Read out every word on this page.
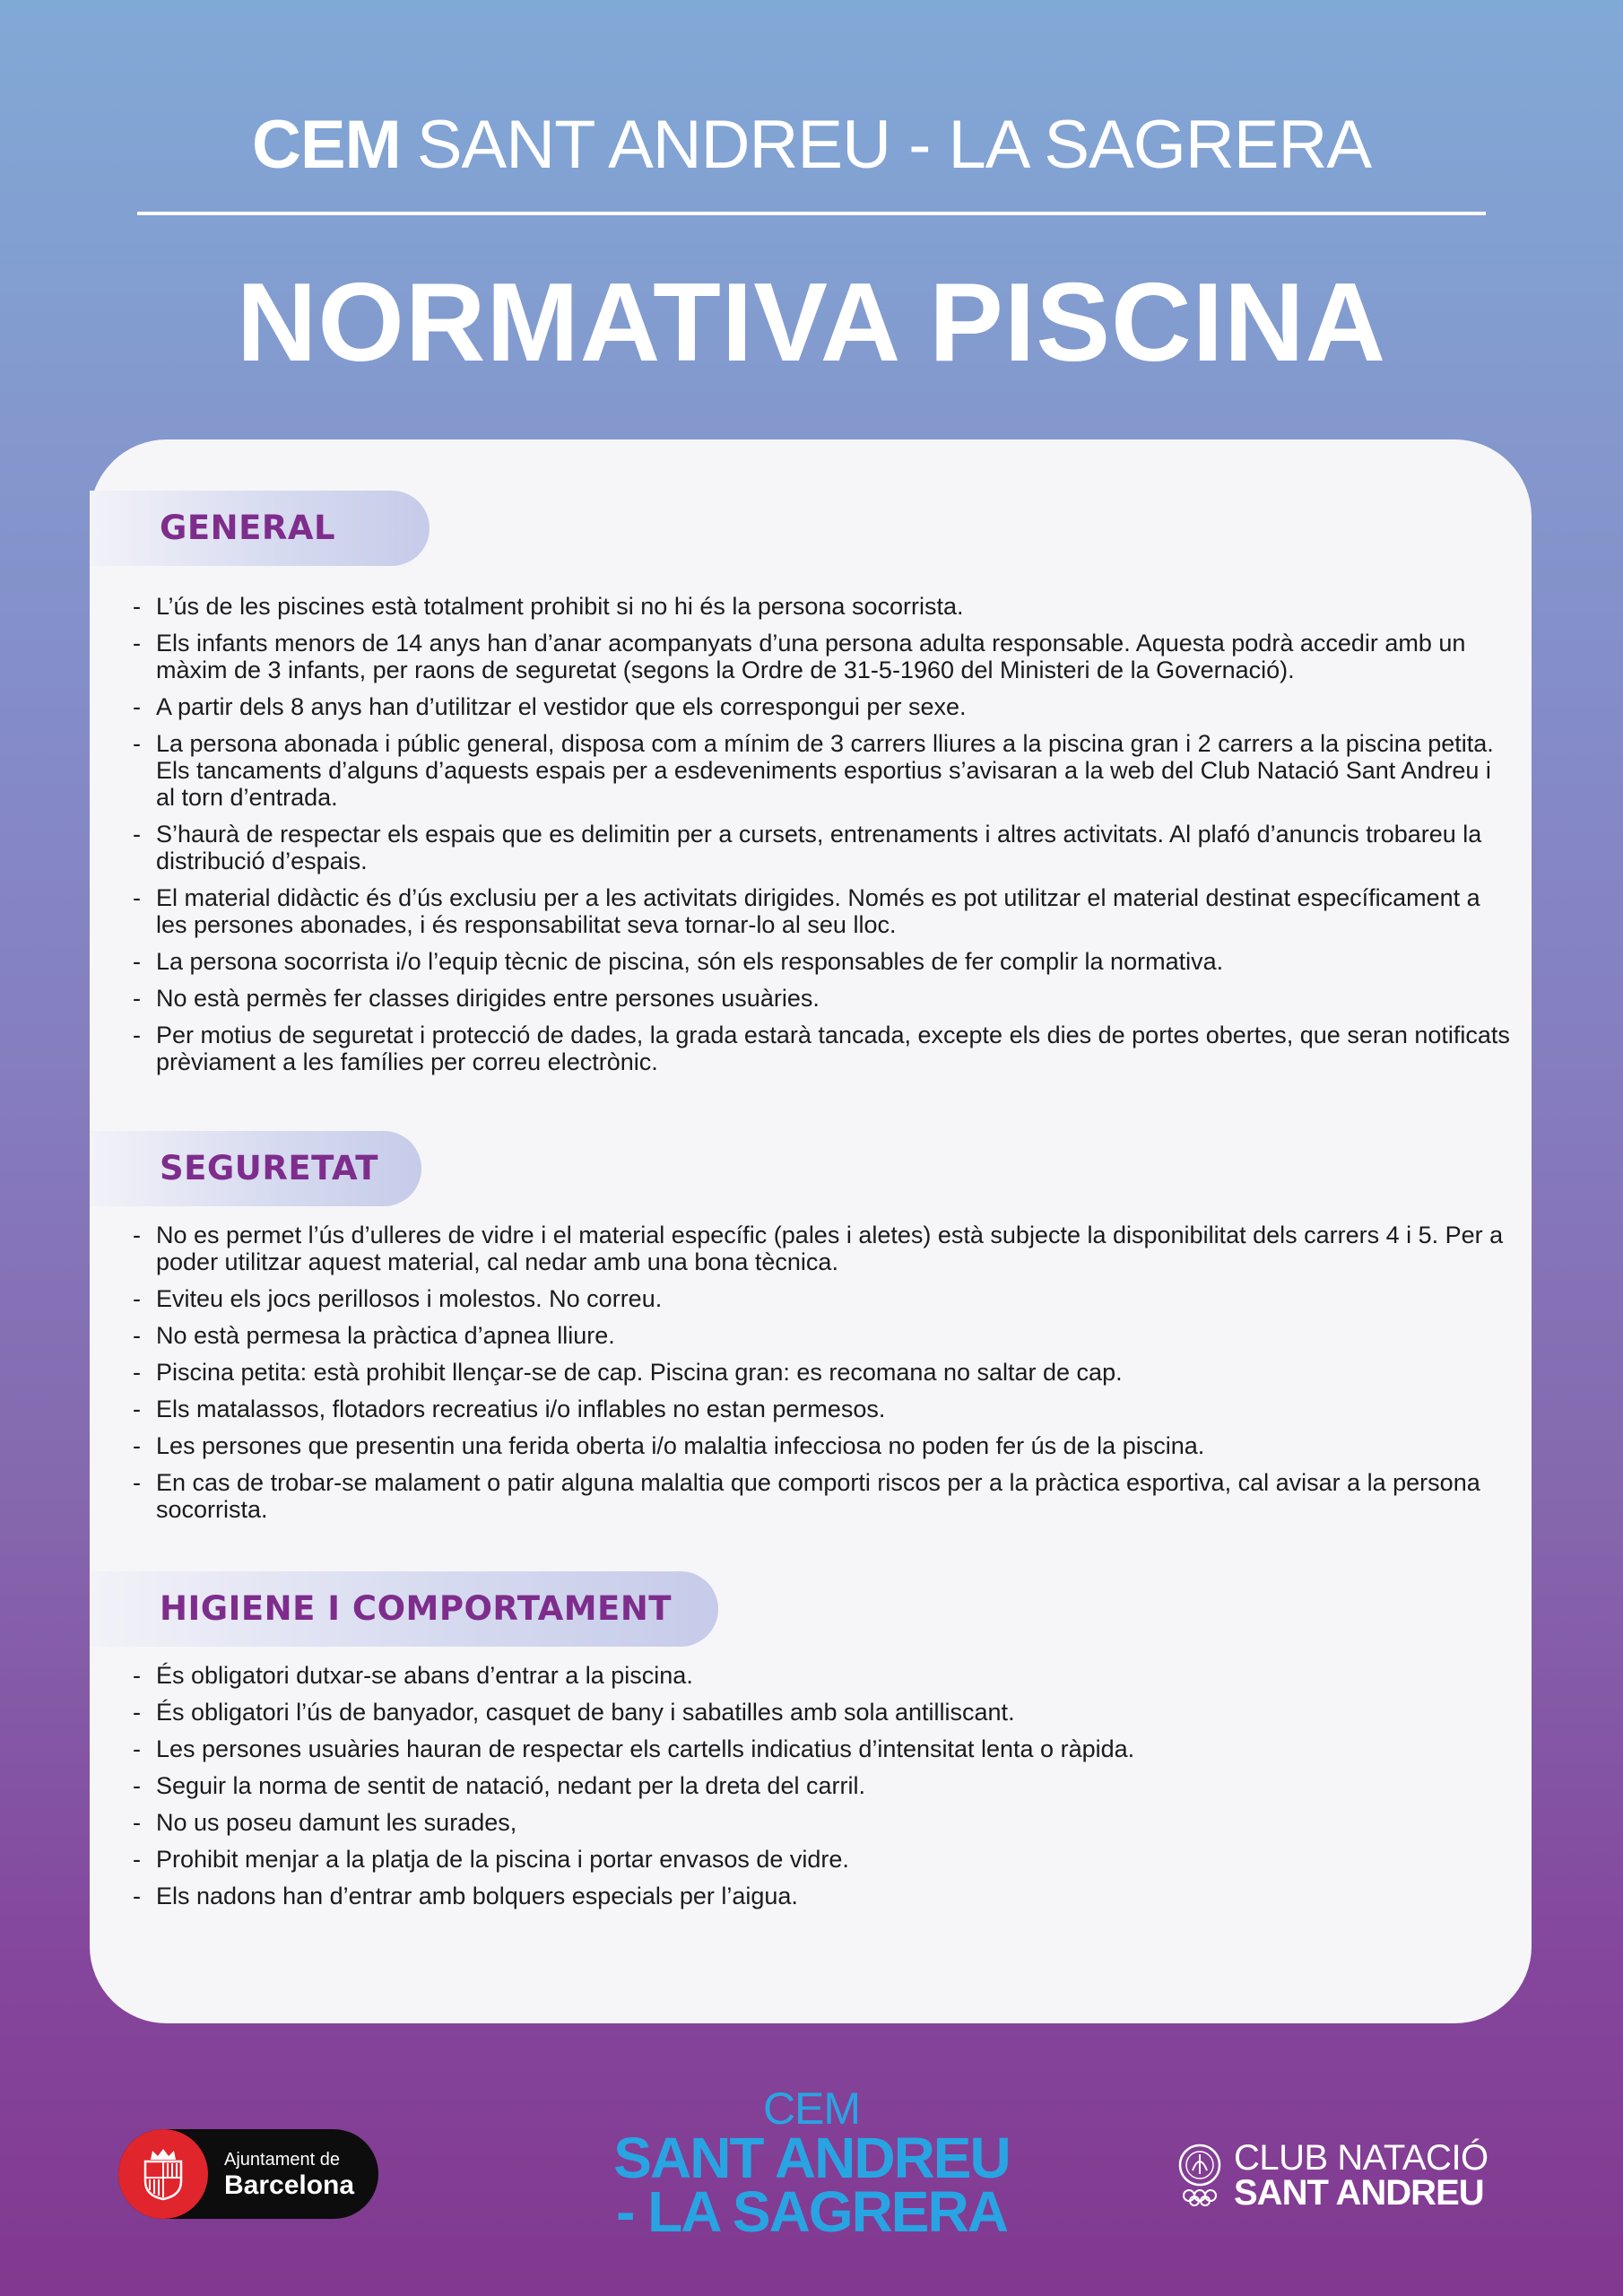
CEM SANT ANDREU - LA SAGRERA
NORMATIVA PISCINA
GENERAL
- L’ús de les piscines està totalment prohibit si no hi és la persona socorrista.
- Els infants menors de 14 anys han d’anar acompanyats d’una persona adulta responsable. Aquesta podrà accedir amb un màxim de 3 infants, per raons de seguretat (segons la Ordre de 31-5-1960 del Ministeri de la Governació).
- A partir dels 8 anys han d’utilitzar el vestidor que els correspongui per sexe.
- La persona abonada i públic general, disposa com a mínim de 3 carrers lliures a la piscina gran i 2 carrers a la piscina petita. Els tancaments d’alguns d’aquests espais per a esdeveniments esportius s’avisaran a la web del Club Natació Sant Andreu i al torn d’entrada.
- S’haurà de respectar els espais que es delimitin per a cursets, entrenaments i altres activitats. Al plafó d’anuncis trobareu la distribució d’espais.
- El material didàctic és d’ús exclusiu per a les activitats dirigides. Només es pot utilitzar el material destinat específicament a les persones abonades, i és responsabilitat seva tornar-lo al seu lloc.
- La persona socorrista i/o l’equip tècnic de piscina, són els responsables de fer complir la normativa.
- No està permès fer classes dirigides entre persones usuàries.
- Per motius de seguretat i protecció de dades, la grada estarà tancada, excepte els dies de portes obertes, que seran notificats prèviament a les famílies per correu electrònic.
SEGURETAT
- No es permet l’ús d’ulleres de vidre i el material específic (pales i aletes) està subjecte la disponibilitat dels carrers 4 i 5. Per a poder utilitzar aquest material, cal nedar amb una bona tècnica.
- Eviteu els jocs perillosos i molestos. No correu.
- No està permesa la pràctica d’apnea lliure.
- Piscina petita: està prohibit llençar-se de cap. Piscina gran: es recomana no saltar de cap.
- Els matalassos, flotadors recreatius i/o inflables no estan permesos.
- Les persones que presentin una ferida oberta i/o malaltia infecciosa no poden fer ús de la piscina.
- En cas de trobar-se malament o patir alguna malaltia que comporti riscos per a la pràctica esportiva, cal avisar a la persona socorrista.
HIGIENE I COMPORTAMENT
- És obligatori dutxar-se abans d’entrar a la piscina.
- És obligatori l’ús de banyador, casquet de bany i sabatilles amb sola antilliscant.
- Les persones usuàries hauran de respectar els cartells indicatius d’intensitat lenta o ràpida.
- Seguir la norma de sentit de natació, nedant per la dreta del carril.
- No us poseu damunt les surades,
- Prohibit menjar a la platja de la piscina i portar envasos de vidre.
- Els nadons han d’entrar amb bolquers especials per l’aigua.
Ajuntament de
Barcelona
CEM
SANT ANDREU
- LA SAGRERA
CLUB NATACIÓ
SANT ANDREU
